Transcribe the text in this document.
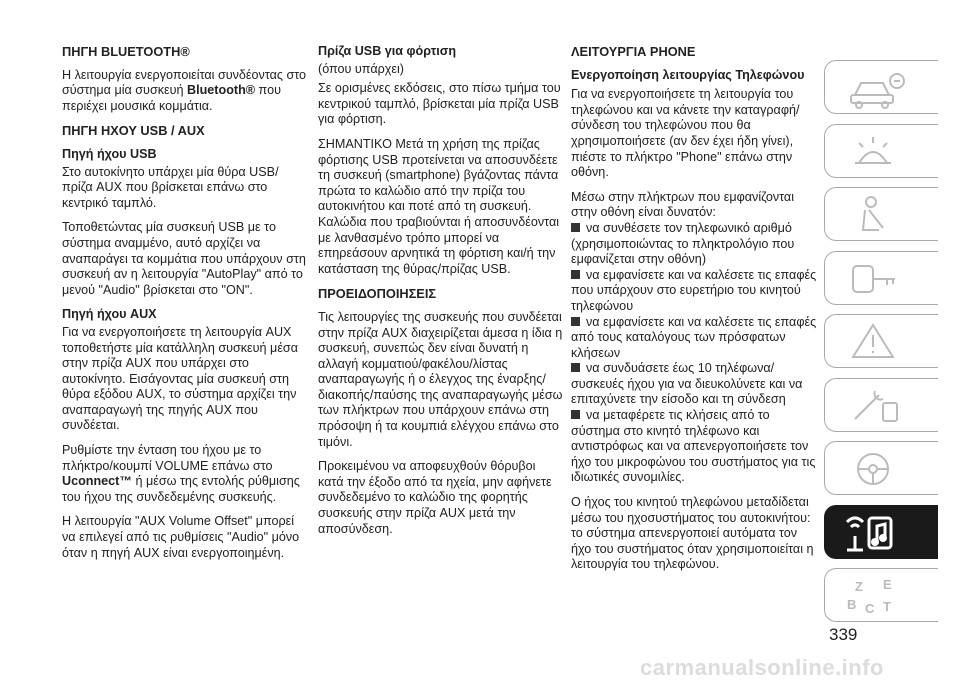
ΠΗΓΗ BLUETOOTH®

Η λειτουργία ενεργοποιείται συνδέοντας στο σύστημα μία συσκευή Bluetooth® που περιέχει μουσικά κομμάτια.

ΠΗΓΗ ΗΧΟΥ USB / AUX
Πηγή ήχου USB

Στο αυτοκίνητο υπάρχει μία θύρα USB/πρίζα AUX που βρίσκεται επάνω στο κεντρικό ταμπλό.

Τοποθετώντας μία συσκευή USB με το σύστημα αναμμένο, αυτό αρχίζει να αναπαράγει τα κομμάτια που υπάρχουν στη συσκευή αν η λειτουργία "AutoPlay" από το μενού "Audio" βρίσκεται στο "ON".

Πηγή ήχου AUX

Για να ενεργοποιήσετε τη λειτουργία AUX τοποθετήστε μία κατάλληλη συσκευή μέσα στην πρίζα AUX που υπάρχει στο αυτοκίνητο. Εισάγοντας μία συσκευή στη θύρα εξόδου AUX, το σύστημα αρχίζει την αναπαραγωγή της πηγής AUX που συνδέεται.

Ρυθμίστε την ένταση του ήχου με το πλήκτρο/κουμπί VOLUME επάνω στο Uconnect™ ή μέσω της εντολής ρύθμισης του ήχου της συνδεδεμένης συσκευής.

Η λειτουργία "AUX Volume Offset" μπορεί να επιλεγεί από τις ρυθμίσεις "Audio" μόνο όταν η πηγή AUX είναι ενεργοποιημένη.

Πρίζα USB για φόρτιση

(όπου υπάρχει)

Σε ορισμένες εκδόσεις, στο πίσω τμήμα του κεντρικού ταμπλό, βρίσκεται μία πρίζα USB για φόρτιση.

ΣΗΜΑΝΤΙΚΟ Μετά τη χρήση της πρίζας φόρτισης USB προτείνεται να αποσυνδέετε τη συσκευή (smartphone) βγάζοντας πάντα πρώτα το καλώδιο από την πρίζα του αυτοκινήτου και ποτέ από τη συσκευή. Καλώδια που τραβιούνται ή αποσυνδέονται με λανθασμένο τρόπο μπορεί να επηρεάσουν αρνητικά τη φόρτιση και/ή την κατάσταση της θύρας/πρίζας USB.

ΠΡΟΕΙΔΟΠΟΙΗΣΕΙΣ

Τις λειτουργίες της συσκευής που συνδέεται στην πρίζα AUX διαχειρίζεται άμεσα η ίδια η συσκευή, συνεπώς δεν είναι δυνατή η αλλαγή κομματιού/φακέλου/λίστας αναπαραγωγής ή ο έλεγχος της έναρξης/διακοπής/παύσης της αναπαραγωγής μέσω των πλήκτρων που υπάρχουν επάνω στη πρόσοψη ή τα κουμπιά ελέγχου επάνω στο τιμόνι.

Προκειμένου να αποφευχθούν θόρυβοι κατά την έξοδο από τα ηχεία, μην αφήνετε συνδεδεμένο το καλώδιο της φορητής συσκευής στην πρίζα AUX μετά την αποσύνδεση.

ΛΕΙΤΟΥΡΓΙΑ PHONE
Ενεργοποίηση λειτουργίας Τηλεφώνου

Για να ενεργοποιήσετε τη λειτουργία του τηλεφώνου και να κάνετε την καταγραφή/σύνδεση του τηλεφώνου που θα χρησιμοποιήσετε (αν δεν έχει ήδη γίνει), πιέστε το πλήκτρο "Phone" επάνω στην οθόνη.

Μέσω στην πλήκτρων που εμφανίζονται στην οθόνη είναι δυνατόν:

να συνθέσετε τον τηλεφωνικό αριθμό (χρησιμοποιώντας το πληκτρολόγιο που εμφανίζεται στην οθόνη)
να εμφανίσετε και να καλέσετε τις επαφές που υπάρχουν στο ευρετήριο του κινητού τηλεφώνου
να εμφανίσετε και να καλέσετε τις επαφές από τους καταλόγους των πρόσφατων κλήσεων
να συνδυάσετε έως 10 τηλέφωνα/συσκευές ήχου για να διευκολύνετε και να επιταχύνετε την είσοδο και τη σύνδεση
να μεταφέρετε τις κλήσεις από το σύστημα στο κινητό τηλέφωνο και αντιστρόφως και να απενεργοποιήσετε τον ήχο του μικροφώνου του συστήματος για τις ιδιωτικές συνομιλίες.

Ο ήχος του κινητού τηλεφώνου μεταδίδεται μέσω του ηχοσυστήματος του αυτοκινήτου: το σύστημα απενεργοποιεί αυτόματα τον ήχο του συστήματος όταν χρησιμοποιείται η λειτουργία του τηλεφώνου.

Z E
B C T
339
carmanualsonline.info
